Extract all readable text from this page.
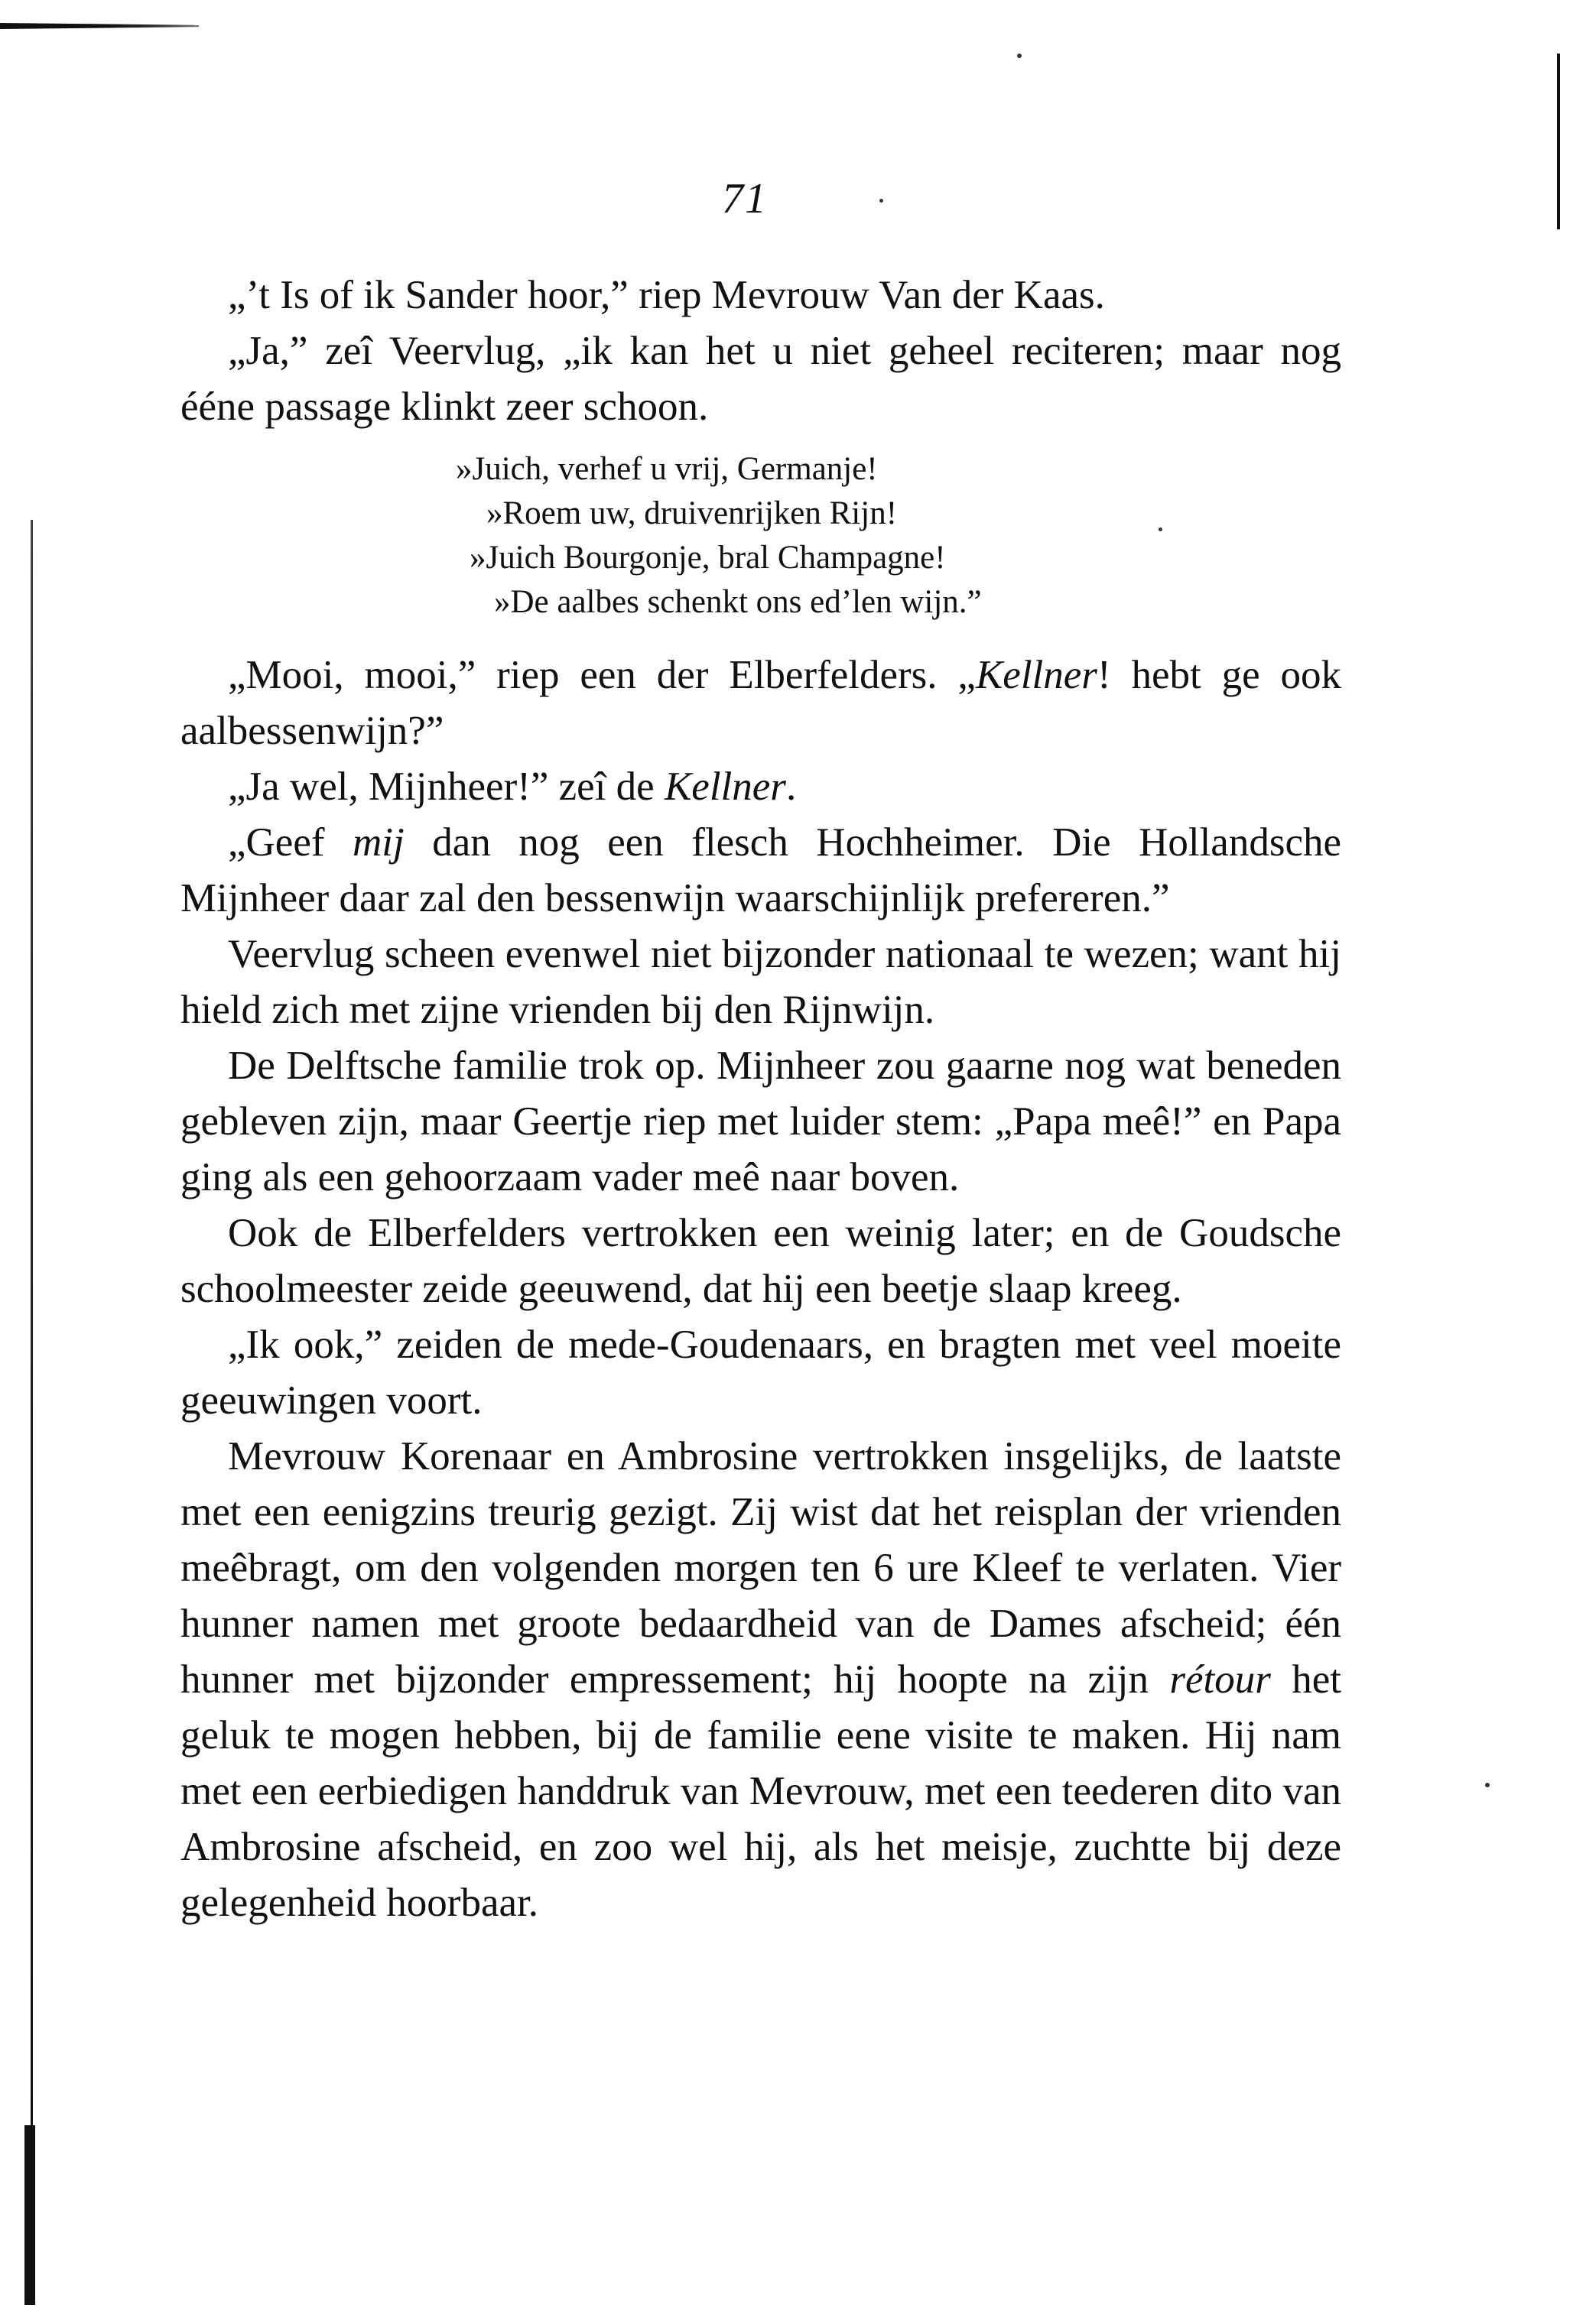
71

„’t Is of ik Sander hoor,” riep Mevrouw Van der Kaas.

„Ja,” zeî Veervlug, „ik kan het u niet geheel reciteren; maar nog ééne passage klinkt zeer schoon.

»Juich, verhef u vrij, Germanje!
»Roem uw, druivenrijken Rijn!
»Juich Bourgonje, bral Champagne!
»De aalbes schenkt ons ed’len wijn.”

„Mooi, mooi,” riep een der Elberfelders. „Kellner! hebt ge ook aalbessenwijn?”

„Ja wel, Mijnheer!” zeî de Kellner.

„Geef mij dan nog een flesch Hochheimer. Die Hollandsche Mijnheer daar zal den bessenwijn waarschijnlijk prefereren.”

Veervlug scheen evenwel niet bijzonder nationaal te wezen; want hij hield zich met zijne vrienden bij den Rijnwijn.

De Delftsche familie trok op. Mijnheer zou gaarne nog wat beneden gebleven zijn, maar Geertje riep met luider stem: „Papa meê!” en Papa ging als een gehoorzaam vader meê naar boven.

Ook de Elberfelders vertrokken een weinig later; en de Goudsche schoolmeester zeide geeuwend, dat hij een beetje slaap kreeg.

„Ik ook,” zeiden de mede-Goudenaars, en bragten met veel moeite geeuwingen voort.

Mevrouw Korenaar en Ambrosine vertrokken insgelijks, de laatste met een eenigzins treurig gezigt. Zij wist dat het reisplan der vrienden meêbragt, om den volgenden morgen ten 6 ure Kleef te verlaten. Vier hunner namen met groote bedaardheid van de Dames afscheid; één hunner met bijzonder empressement; hij hoopte na zijn rétour het geluk te mogen hebben, bij de familie eene visite te maken. Hij nam met een eerbiedigen handdruk van Mevrouw, met een teederen dito van Ambrosine afscheid, en zoo wel hij, als het meisje, zuchtte bij deze gelegenheid hoorbaar.
